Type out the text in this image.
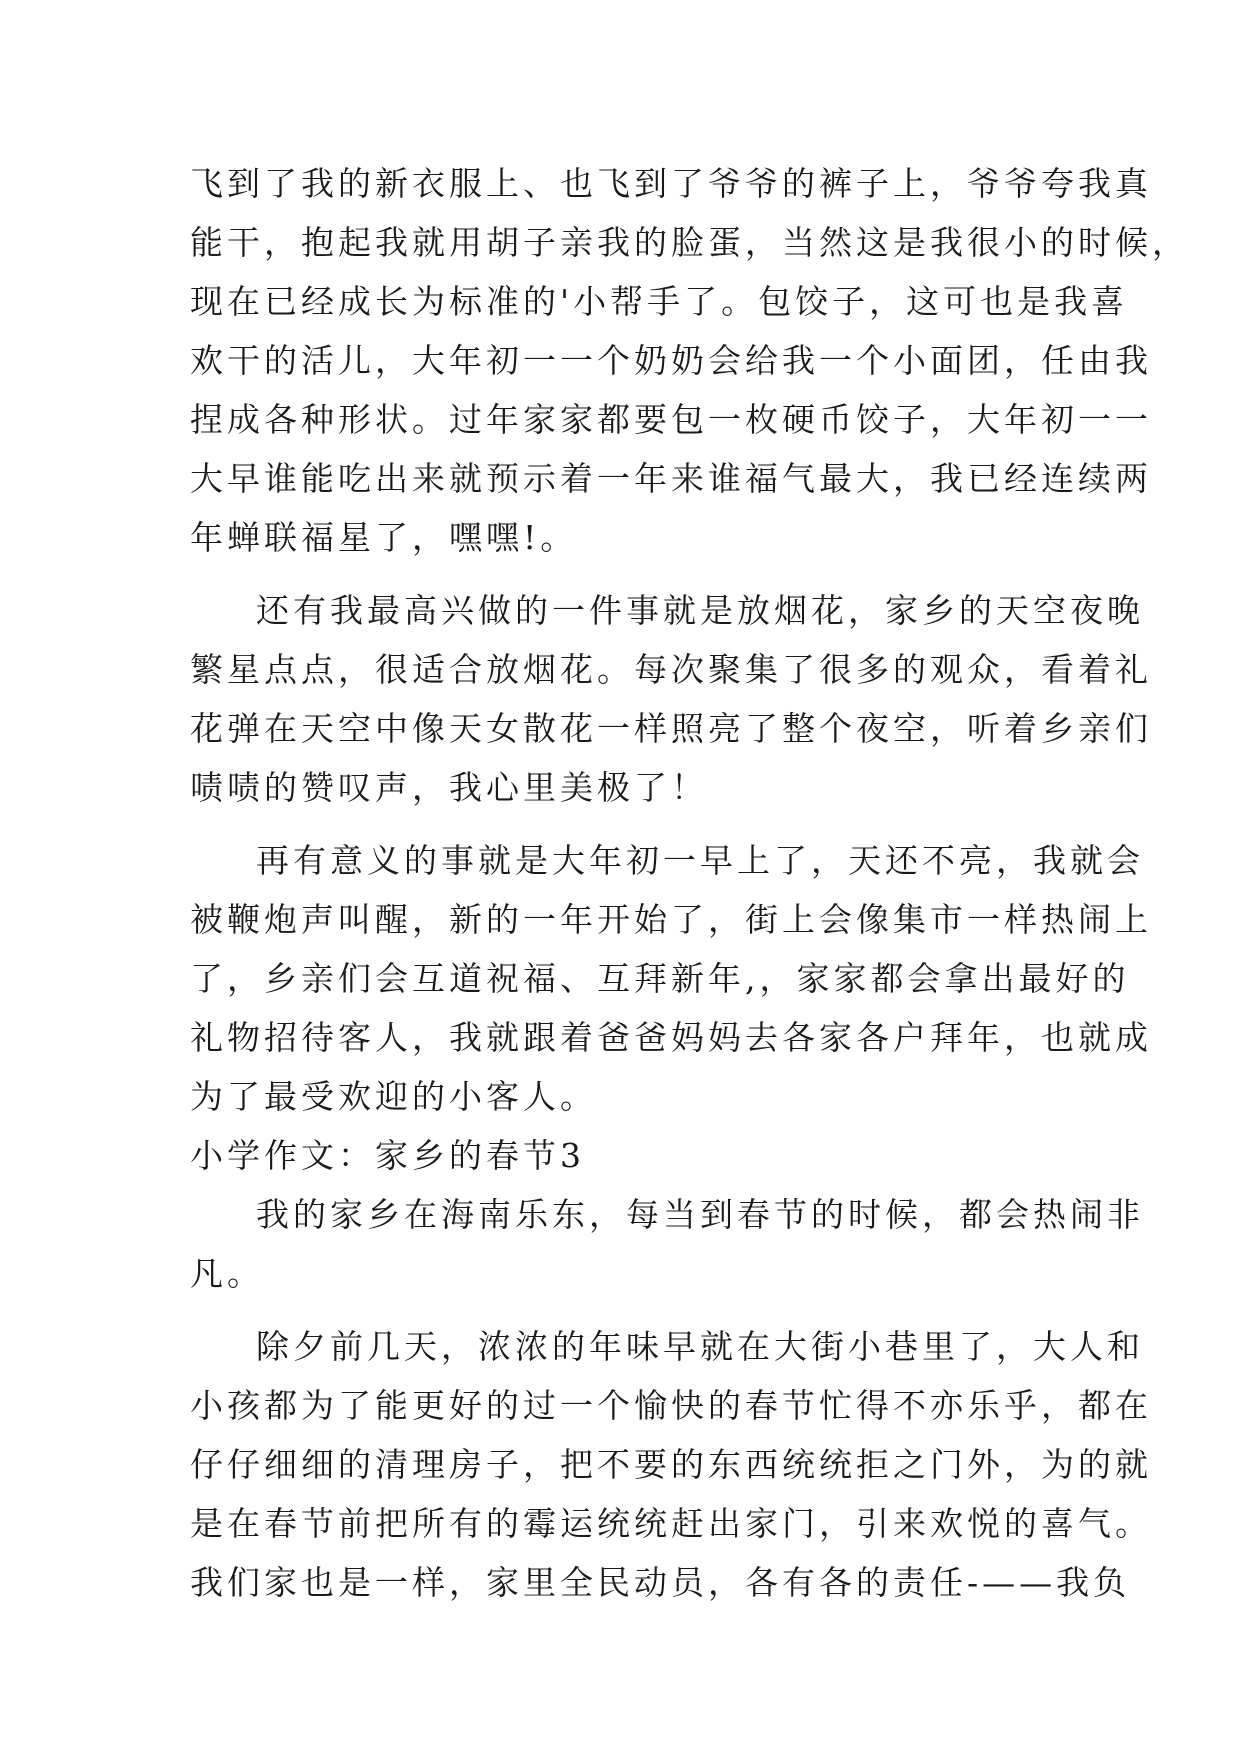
飞到了我的新衣服上、也飞到了爷爷的裤子上，爷爷夸我真
能干，抱起我就用胡子亲我的脸蛋，当然这是我很小的时候，
现在已经成长为标准的'小帮手了。包饺子，这可也是我喜
欢干的活儿，大年初一一个奶奶会给我一个小面团，任由我
捏成各种形状。过年家家都要包一枚硬币饺子，大年初一一
大早谁能吃出来就预示着一年来谁福气最大，我已经连续两
年蝉联福星了，嘿嘿!。
还有我最高兴做的一件事就是放烟花，家乡的天空夜晚
繁星点点，很适合放烟花。每次聚集了很多的观众，看着礼
花弹在天空中像天女散花一样照亮了整个夜空，听着乡亲们
啧啧的赞叹声，我心里美极了！
再有意义的事就是大年初一早上了，天还不亮，我就会
被鞭炮声叫醒，新的一年开始了，街上会像集市一样热闹上
了，乡亲们会互道祝福、互拜新年,，家家都会拿出最好的
礼物招待客人，我就跟着爸爸妈妈去各家各户拜年，也就成
为了最受欢迎的小客人。
小学作文：家乡的春节3
我的家乡在海南乐东，每当到春节的时候，都会热闹非
凡。
除夕前几天，浓浓的年味早就在大街小巷里了，大人和
小孩都为了能更好的过一个愉快的春节忙得不亦乐乎，都在
仔仔细细的清理房子，把不要的东西统统拒之门外，为的就
是在春节前把所有的霉运统统赶出家门，引来欢悦的喜气。
我们家也是一样，家里全民动员，各有各的责任-——我负
